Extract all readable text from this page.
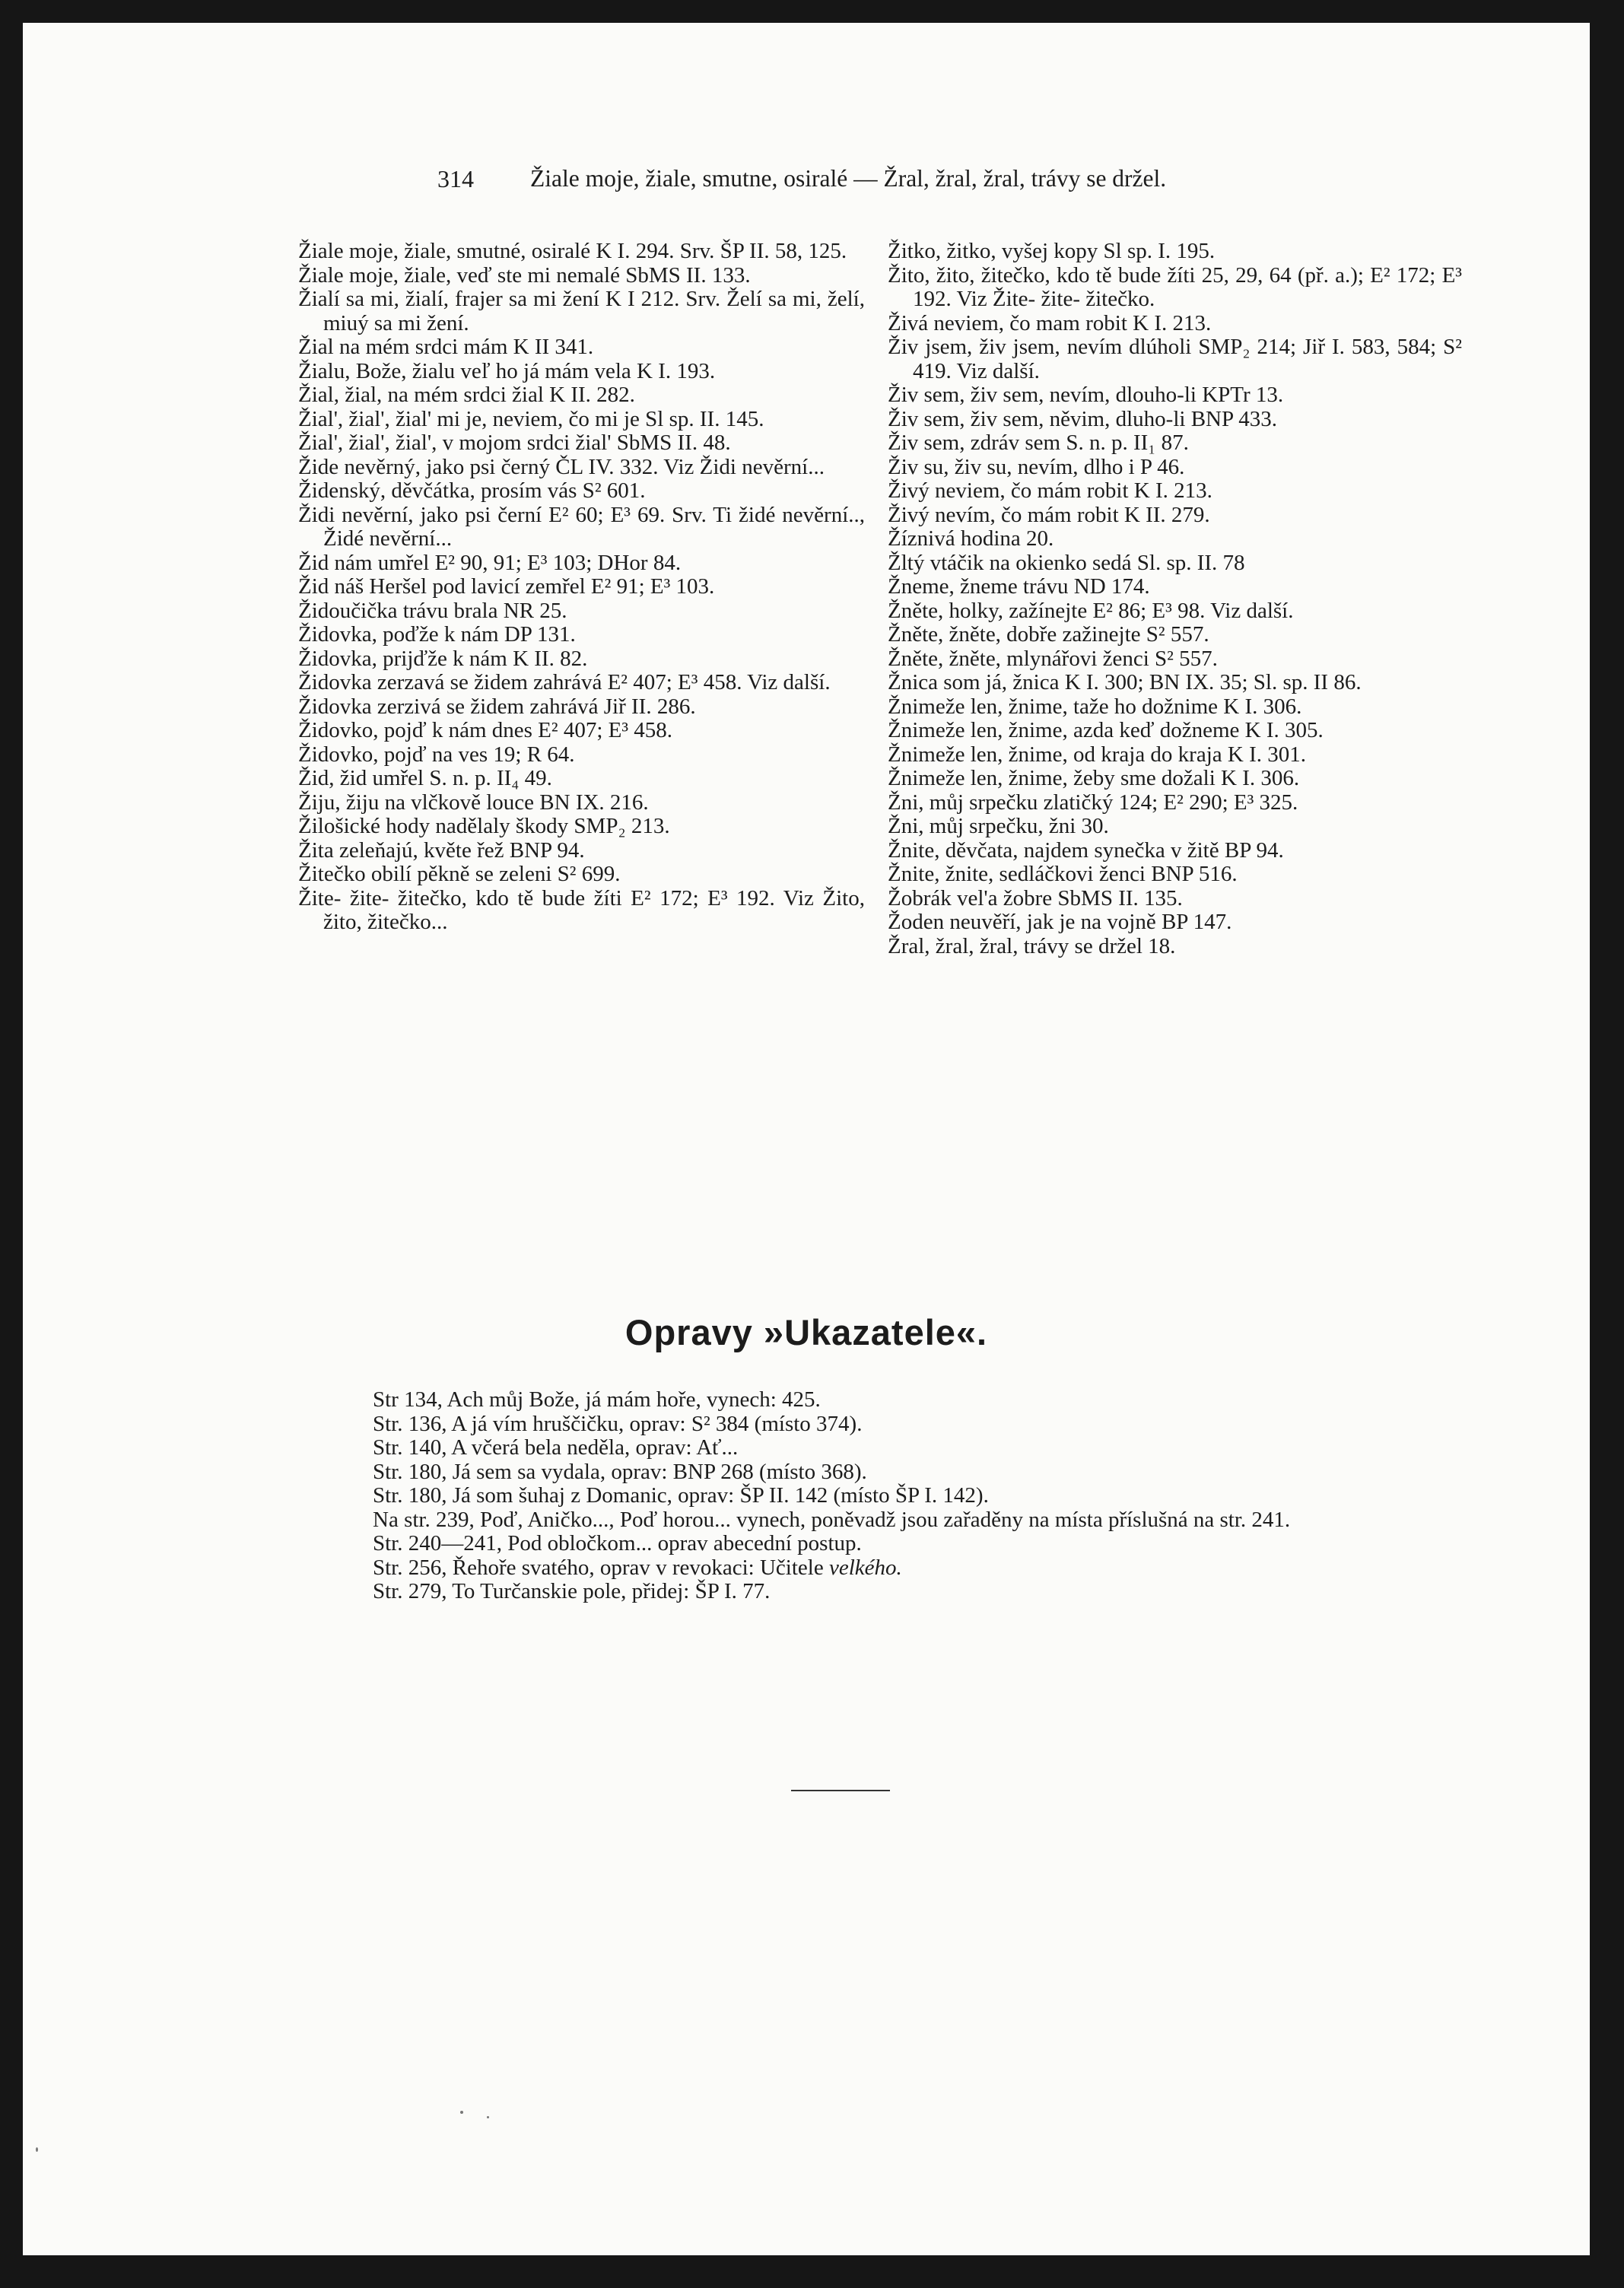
314 Žiale moje, žiale, smutne, osiralé — Žral, žral, žral, trávy se držel.

Žiale moje, žiale, smutné, osiralé K I. 294. Srv. ŠP II. 58, 125.

Žiale moje, žiale, veď ste mi nemalé SbMS II. 133.

Žialí sa mi, žialí, frajer sa mi žení K I 212. Srv. Želí sa mi, želí, miuý sa mi žení.

Žial na mém srdci mám K II 341.

Žialu, Bože, žialu veľ ho já mám vela K I. 193.

Žial, žial, na mém srdci žial K II. 282.

Žial', žial', žial' mi je, neviem, čo mi je Sl sp. II. 145.

Žial', žial', žial', v mojom srdci žial' SbMS II. 48.

Žide nevěrný, jako psi černý ČL IV. 332. Viz Židi nevěrní...

Židenský, děvčátka, prosím vás S² 601.

Židi nevěrní, jako psi černí E² 60; E³ 69. Srv. Ti židé nevěrní.., Židé nevěrní...

Žid nám umřel E² 90, 91; E³ 103; DHor 84.

Žid náš Heršel pod lavicí zemřel E² 91; E³ 103.

Židoučička trávu brala NR 25.

Židovka, poďže k nám DP 131.

Židovka, prijďže k nám K II. 82.

Židovka zerzavá se židem zahrává E² 407; E³ 458. Viz další.

Židovka zerzivá se židem zahrává Jiř II. 286.

Židovko, pojď k nám dnes E² 407; E³ 458.

Židovko, pojď na ves 19; R 64.

Žid, žid umřel S. n. p. II₄ 49.

Žiju, žiju na vlčkově louce BN IX. 216.

Žilošické hody nadělaly škody SMP₂ 213.

Žita zeleňajú, květe řež BNP 94.

Žitečko obilí pěkně se zeleni S² 699.

Žite- žite- žitečko, kdo tě bude žíti E² 172; E³ 192. Viz Žito, žito, žitečko...

Žitko, žitko, vyšej kopy Sl sp. I. 195.

Žito, žito, žitečko, kdo tě bude žíti 25, 29, 64 (př. a.); E² 172; E³ 192. Viz Žite- žite- žitečko.

Živá neviem, čo mam robit K I. 213.

Živ jsem, živ jsem, nevím dlúholi SMP₂ 214; Jiř I. 583, 584; S² 419. Viz další.

Živ sem, živ sem, nevím, dlouho-li KPTr 13.

Živ sem, živ sem, něvim, dluho-li BNP 433.

Živ sem, zdráv sem S. n. p. II₁ 87.

Živ su, živ su, nevím, dlho i P 46.

Živý neviem, čo mám robit K I. 213.

Živý nevím, čo mám robit K II. 279.

Žíznivá hodina 20.

Žltý vtáčik na okienko sedá Sl. sp. II. 78

Žneme, žneme trávu ND 174.

Žněte, holky, zažínejte E² 86; E³ 98. Viz další.

Žněte, žněte, dobře zažinejte S² 557.

Žněte, žněte, mlynářovi ženci S² 557.

Žnica som já, žnica K I. 300; BN IX. 35; Sl. sp. II 86.

Žnimeže len, žnime, taže ho dožnime K I. 306.

Žnimeže len, žnime, azda keď dožneme K I. 305.

Žnimeže len, žnime, od kraja do kraja K I. 301.

Žnimeže len, žnime, žeby sme dožali K I. 306.

Žni, můj srpečku zlatičký 124; E² 290; E³ 325.

Žni, můj srpečku, žni 30.

Žnite, děvčata, najdem synečka v žitě BP 94.

Žnite, žnite, sedláčkovi ženci BNP 516.

Žobrák vel'a žobre SbMS II. 135.

Žoden neuvěří, jak je na vojně BP 147.

Žral, žral, žral, trávy se držel 18.

Opravy »Ukazatele«.

Str 134, Ach můj Bože, já mám hoře, vynech: 425.

Str. 136, A já vím hruščičku, oprav: S² 384 (místo 374).

Str. 140, A včerá bela neděla, oprav: Ať...

Str. 180, Já sem sa vydala, oprav: BNP 268 (místo 368).

Str. 180, Já som šuhaj z Domanic, oprav: ŠP II. 142 (místo ŠP I. 142).

Na str. 239, Poď, Aničko..., Poď horou... vynech, poněvadž jsou zařaděny na místa příslušná na str. 241.

Str. 240—241, Pod obločkom... oprav abecední postup.

Str. 256, Řehoře svatého, oprav v revokaci: Učitele velkého.

Str. 279, To Turčanskie pole, přidej: ŠP I. 77.
